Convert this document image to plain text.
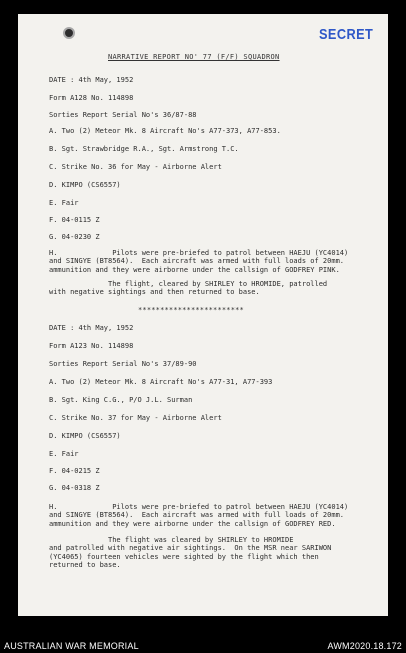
SECRET
NARRATIVE REPORT NO' 77 (F/F) SQUADRON
DATE : 4th May, 1952
Form A128 No. 114898
Sorties Report Serial No's 36/87-88
A. Two (2) Meteor Mk. 8 Aircraft No's A77-373, A77-853.
B. Sgt. Strawbridge R.A., Sgt. Armstrong T.C.
C. Strike No. 36 for May - Airborne Alert
D. KIMPO (CS6557)
E. Fair
F. 04-0115 Z
G. 04-0230 Z
H.             Pilots were pre-briefed to patrol between HAEJU (YC4014)
and SINGYE (BT8564).  Each aircraft was armed with full loads of 20mm.
ammunition and they were airborne under the callsign of GODFREY PINK.
The flight, cleared by SHIRLEY to HROMIDE, patrolled
with negative sightings and then returned to base.
************************
DATE : 4th May, 1952
Form A123 No. 114898
Sorties Report Serial No's 37/89-90
A. Two (2) Meteor Mk. 8 Aircraft No's A77-31, A77-393
B. Sgt. King C.G., P/O J.L. Surman
C. Strike No. 37 for May - Airborne Alert
D. KIMPO (CS6557)
E. Fair
F. 04-0215 Z
G. 04-0318 Z
H.             Pilots were pre-briefed to patrol between HAEJU (YC4014)
and SINGYE (BT8564).  Each aircraft was armed with full loads of 20mm.
ammunition and they were airborne under the callsign of GODFREY RED.
The flight was cleared by SHIRLEY to HROMIDE
and patrolled with negative air sightings.  On the MSR near SARIWON
(YC4065) fourteen vehicles were sighted by the flight which then
returned to base.
AUSTRALIAN WAR MEMORIAL	AWM2020.18.172
